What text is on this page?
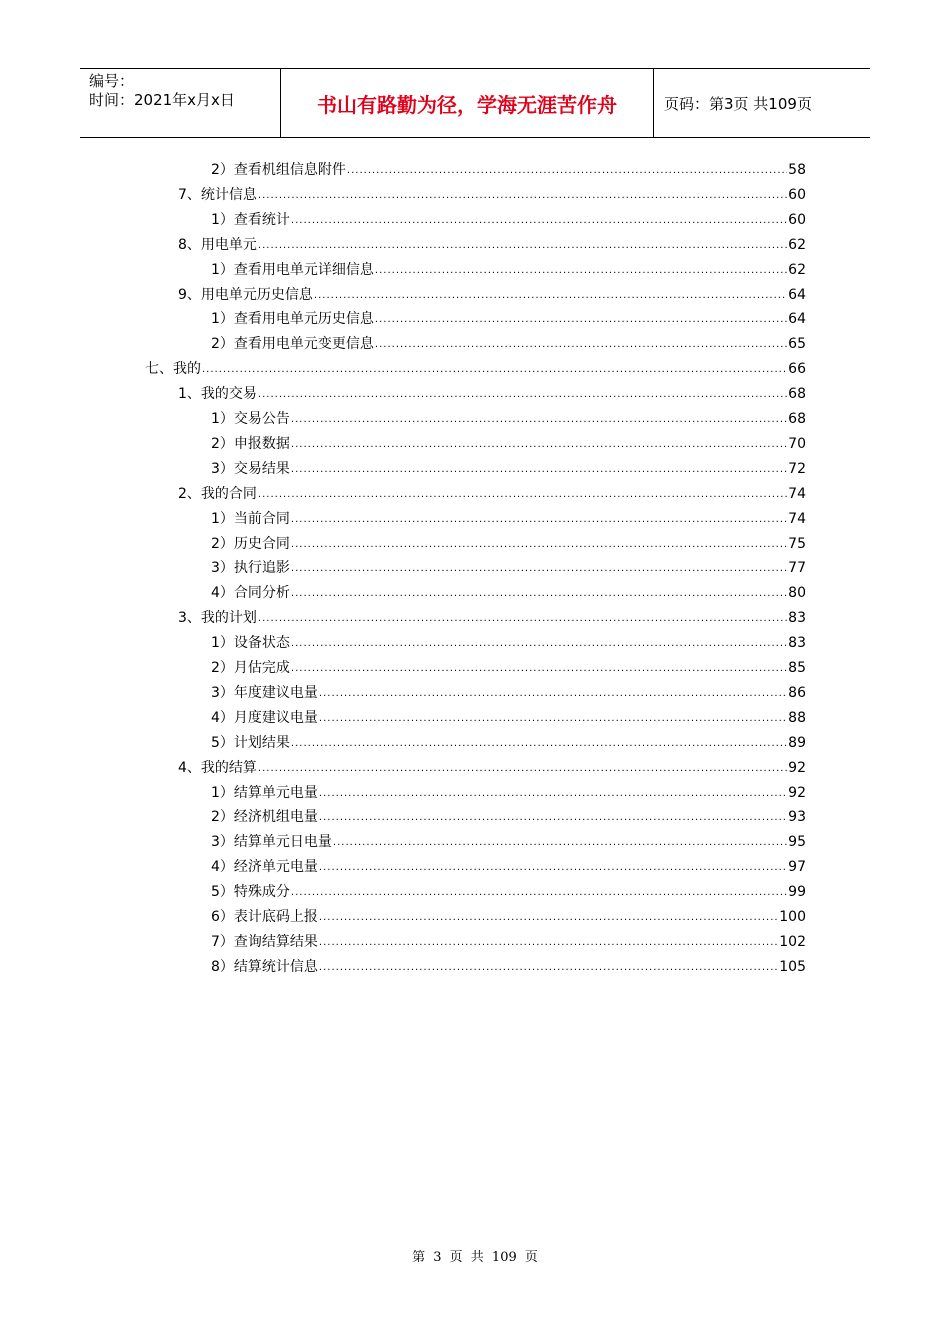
编号：
时间：2021年x月x日	书山有路勤为径，学海无涯苦作舟	页码：第3页 共109页
2）查看机组信息附件 .....	58
7、统计信息 .....	60
1）查看统计 .....	60
8、用电单元 .....	62
1）查看用电单元详细信息 .....	62
9、用电单元历史信息 .....	64
1）查看用电单元历史信息 .....	64
2）查看用电单元变更信息 .....	65
七、我的 .....	66
1、我的交易 .....	68
1）交易公告 .....	68
2）申报数据 .....	70
3）交易结果 .....	72
2、我的合同 .....	74
1）当前合同 .....	74
2）历史合同 .....	75
3）执行追影 .....	77
4）合同分析 .....	80
3、我的计划 .....	83
1）设备状态 .....	83
2）月估完成 .....	85
3）年度建议电量 .....	86
4）月度建议电量 .....	88
5）计划结果 .....	89
4、我的结算 .....	92
1）结算单元电量 .....	92
2）经济机组电量 .....	93
3）结算单元日电量 .....	95
4）经济单元电量 .....	97
5）特殊成分 .....	99
6）表计底码上报 .....	100
7）查询结算结果 .....	102
8）结算统计信息 .....	105
第 3 页 共 109 页
